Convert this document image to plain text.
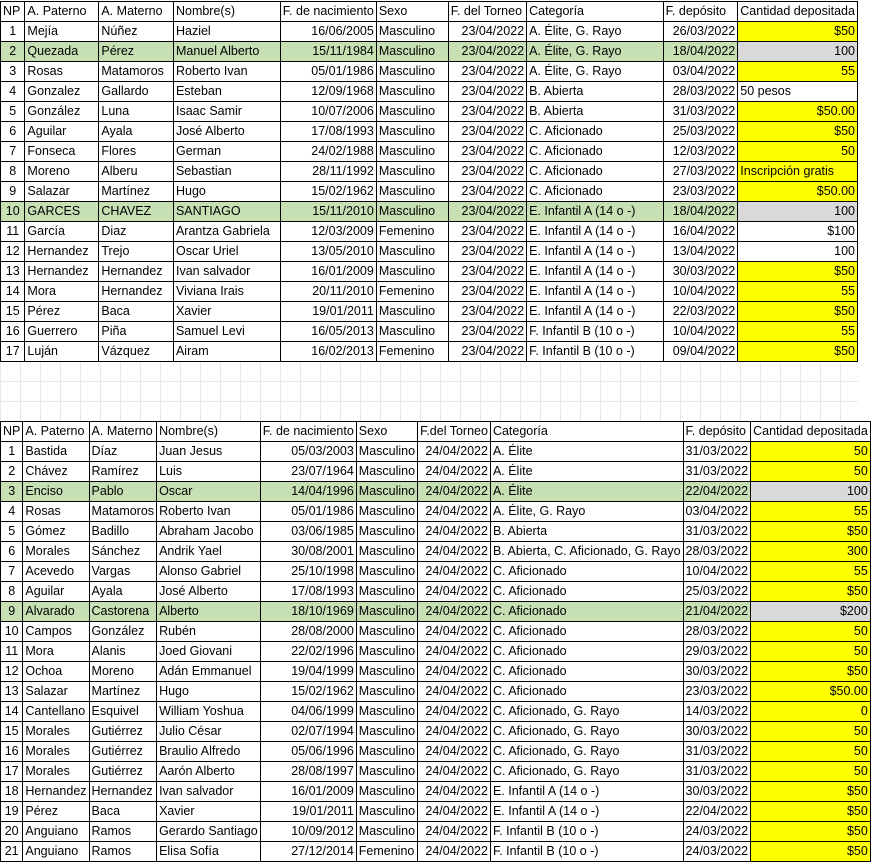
NP	A. Paterno	A. Materno	Nombre(s)	F. de nacimiento	Sexo	F. del Torneo	Categoría	F. depósito	Cantidad depositada
1	Mejía	Núñez	Haziel	16/06/2005	Masculino	23/04/2022	A. Élite, G. Rayo	26/03/2022	$50
2	Quezada	Pérez	Manuel Alberto	15/11/1984	Masculino	23/04/2022	A. Élite, G. Rayo	18/04/2022	100
3	Rosas	Matamoros	Roberto Ivan	05/01/1986	Masculino	23/04/2022	A. Élite, G. Rayo	03/04/2022	55
4	Gonzalez	Gallardo	Esteban	12/09/1968	Masculino	23/04/2022	B. Abierta	28/03/2022	50 pesos
5	González	Luna	Isaac Samir	10/07/2006	Masculino	23/04/2022	B. Abierta	31/03/2022	$50.00
6	Aguilar	Ayala	José Alberto	17/08/1993	Masculino	23/04/2022	C. Aficionado	25/03/2022	$50
7	Fonseca	Flores	German	24/02/1988	Masculino	23/04/2022	C. Aficionado	12/03/2022	50
8	Moreno	Alberu	Sebastian	28/11/1992	Masculino	23/04/2022	C. Aficionado	27/03/2022	Inscripción gratis
9	Salazar	Martínez	Hugo	15/02/1962	Masculino	23/04/2022	C. Aficionado	23/03/2022	$50.00
10	GARCES	CHAVEZ	SANTIAGO	15/11/2010	Masculino	23/04/2022	E. Infantil A (14 o -)	18/04/2022	100
11	García	Diaz	Arantza Gabriela	12/03/2009	Femenino	23/04/2022	E. Infantil A (14 o -)	16/04/2022	$100
12	Hernandez	Trejo	Oscar Uriel	13/05/2010	Masculino	23/04/2022	E. Infantil A (14 o -)	13/04/2022	100
13	Hernandez	Hernandez	Ivan salvador	16/01/2009	Masculino	23/04/2022	E. Infantil A (14 o -)	30/03/2022	$50
14	Mora	Hernandez	Viviana Irais	20/11/2010	Femenino	23/04/2022	E. Infantil A (14 o -)	10/04/2022	55
15	Pérez	Baca	Xavier	19/01/2011	Masculino	23/04/2022	E. Infantil A (14 o -)	22/03/2022	$50
16	Guerrero	Piña	Samuel Levi	16/05/2013	Masculino	23/04/2022	F. Infantil B (10 o -)	10/04/2022	55
17	Luján	Vázquez	Airam	16/02/2013	Femenino	23/04/2022	F. Infantil B (10 o -)	09/04/2022	$50
NP	A. Paterno	A. Materno	Nombre(s)	F. de nacimiento	Sexo	F.del Torneo	Categoría	F. depósito	Cantidad depositada
1	Bastida	Díaz	Juan Jesus	05/03/2003	Masculino	24/04/2022	A. Élite	31/03/2022	50
2	Chávez	Ramírez	Luis	23/07/1964	Masculino	24/04/2022	A. Élite	31/03/2022	50
3	Enciso	Pablo	Oscar	14/04/1996	Masculino	24/04/2022	A. Élite	22/04/2022	100
4	Rosas	Matamoros	Roberto Ivan	05/01/1986	Masculino	24/04/2022	A. Élite, G. Rayo	03/04/2022	55
5	Gómez	Badillo	Abraham Jacobo	03/06/1985	Masculino	24/04/2022	B. Abierta	31/03/2022	$50
6	Morales	Sánchez	Andrik Yael	30/08/2001	Masculino	24/04/2022	B. Abierta, C. Aficionado, G. Rayo	28/03/2022	300
7	Acevedo	Vargas	Alonso Gabriel	25/10/1998	Masculino	24/04/2022	C. Aficionado	10/04/2022	55
8	Aguilar	Ayala	José Alberto	17/08/1993	Masculino	24/04/2022	C. Aficionado	25/03/2022	$50
9	Alvarado	Castorena	Alberto	18/10/1969	Masculino	24/04/2022	C. Aficionado	21/04/2022	$200
10	Campos	González	Rubén	28/08/2000	Masculino	24/04/2022	C. Aficionado	28/03/2022	50
11	Mora	Alanis	Joed Giovani	22/02/1996	Masculino	24/04/2022	C. Aficionado	29/03/2022	50
12	Ochoa	Moreno	Adán Emmanuel	19/04/1999	Masculino	24/04/2022	C. Aficionado	30/03/2022	$50
13	Salazar	Martínez	Hugo	15/02/1962	Masculino	24/04/2022	C. Aficionado	23/03/2022	$50.00
14	Cantellano	Esquivel	William Yoshua	04/06/1999	Masculino	24/04/2022	C. Aficionado, G. Rayo	14/03/2022	0
15	Morales	Gutiérrez	Julio César	02/07/1994	Masculino	24/04/2022	C. Aficionado, G. Rayo	30/03/2022	50
16	Morales	Gutiérrez	Braulio Alfredo	05/06/1996	Masculino	24/04/2022	C. Aficionado, G. Rayo	31/03/2022	50
17	Morales	Gutiérrez	Aarón Alberto	28/08/1997	Masculino	24/04/2022	C. Aficionado, G. Rayo	31/03/2022	50
18	Hernandez	Hernandez	Ivan salvador	16/01/2009	Masculino	24/04/2022	E. Infantil A (14 o -)	30/03/2022	$50
19	Pérez	Baca	Xavier	19/01/2011	Masculino	24/04/2022	E. Infantil A (14 o -)	22/04/2022	$50
20	Anguiano	Ramos	Gerardo Santiago	10/09/2012	Masculino	24/04/2022	F. Infantil B (10 o -)	24/03/2022	$50
21	Anguiano	Ramos	Elisa Sofía	27/12/2014	Femenino	24/04/2022	F. Infantil B (10 o -)	24/03/2022	$50
